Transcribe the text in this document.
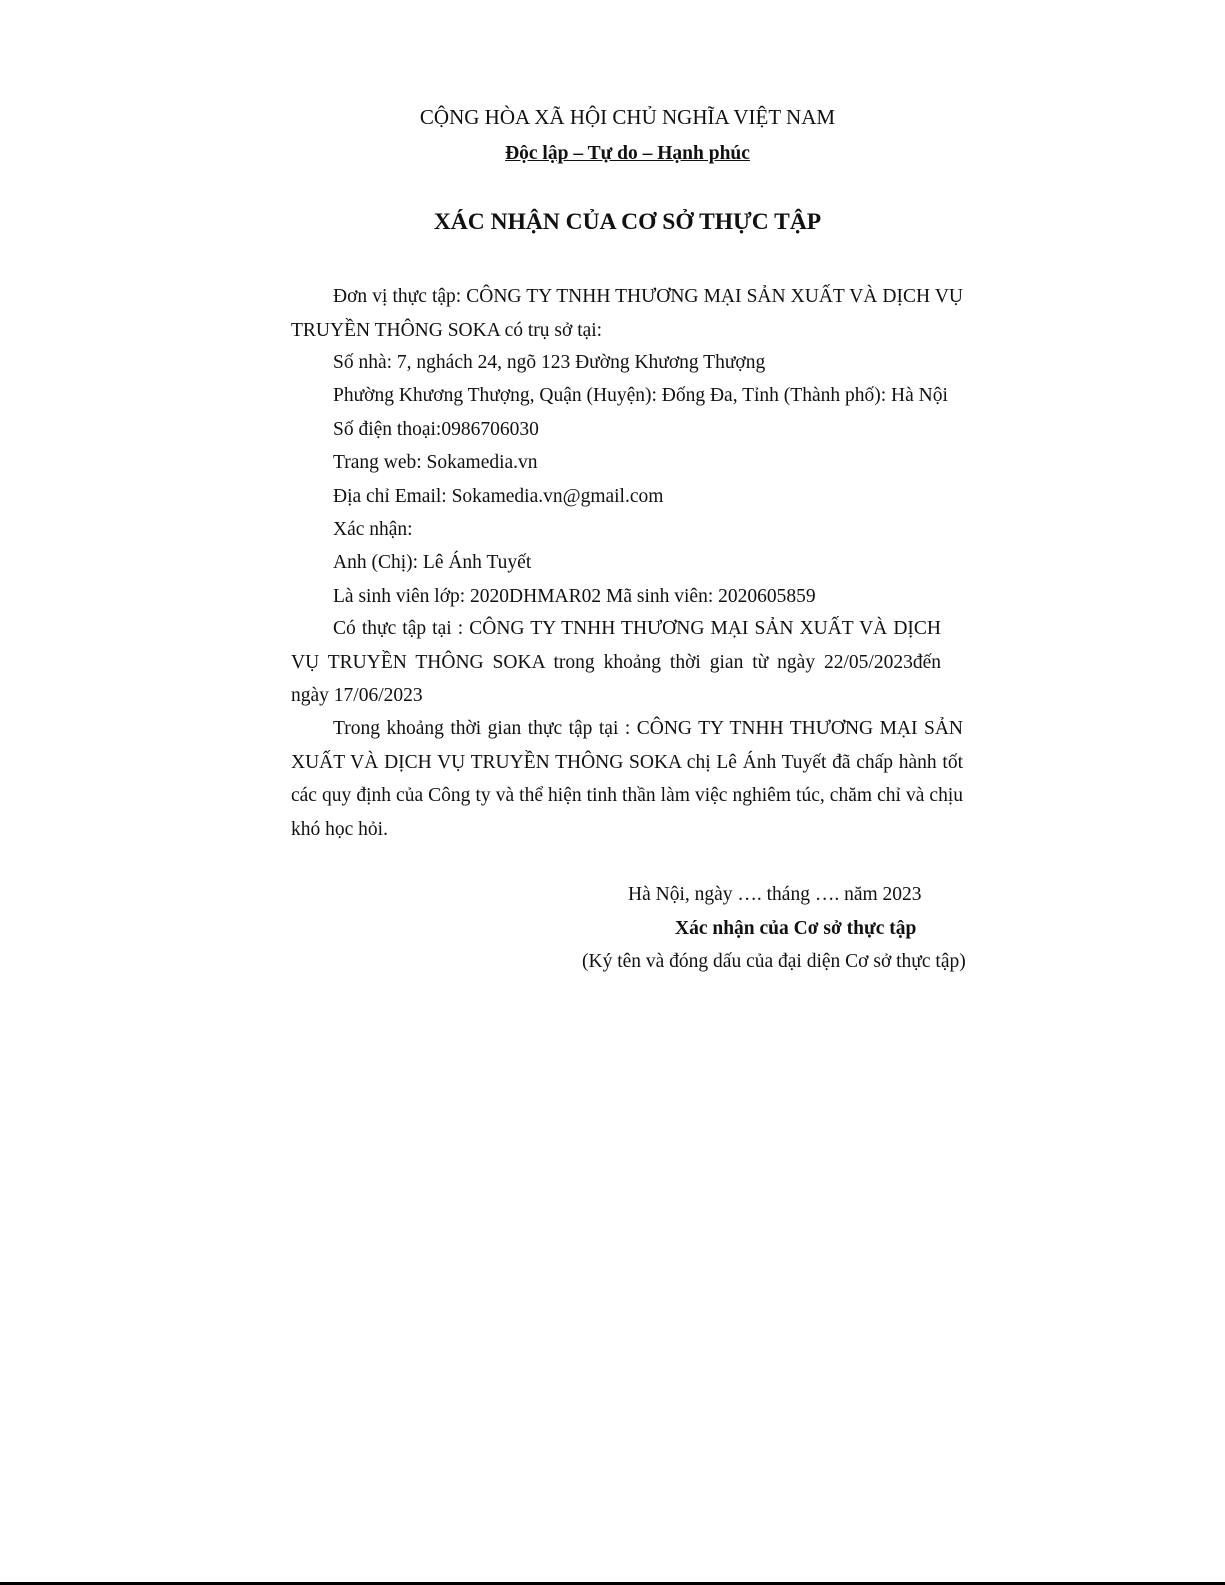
CỘNG HÒA XÃ HỘI CHỦ NGHĨA VIỆT NAM
Độc lập – Tự do – Hạnh phúc
XÁC NHẬN CỦA CƠ SỞ THỰC TẬP
Đơn vị thực tập: CÔNG TY TNHH THƯƠNG MẠI SẢN XUẤT VÀ DỊCH VỤ TRUYỀN THÔNG SOKA có trụ sở tại:
Số nhà: 7, nghách 24, ngõ 123 Đường Khương Thượng
Phường Khương Thượng, Quận (Huyện): Đống Đa, Tỉnh (Thành phố): Hà Nội
Số điện thoại:0986706030
Trang web: Sokamedia.vn
Địa chỉ Email: Sokamedia.vn@gmail.com
Xác nhận:
Anh (Chị): Lê Ánh Tuyết
Là sinh viên lớp: 2020DHMAR02 Mã sinh viên: 2020605859
Có thực tập tại : CÔNG TY TNHH THƯƠNG MẠI SẢN XUẤT VÀ DỊCH VỤ TRUYỀN THÔNG SOKA trong khoảng thời gian từ ngày 22/05/2023đến ngày 17/06/2023
Trong khoảng thời gian thực tập tại : CÔNG TY TNHH THƯƠNG MẠI SẢN XUẤT VÀ DỊCH VỤ TRUYỀN THÔNG SOKA chị Lê Ánh Tuyết đã chấp hành tốt các quy định của Công ty và thể hiện tinh thần làm việc nghiêm túc, chăm chỉ và chịu khó học hỏi.
Hà Nội, ngày …. tháng …. năm 2023
Xác nhận của Cơ sở thực tập
(Ký tên và đóng dấu của đại diện Cơ sở thực tập)
